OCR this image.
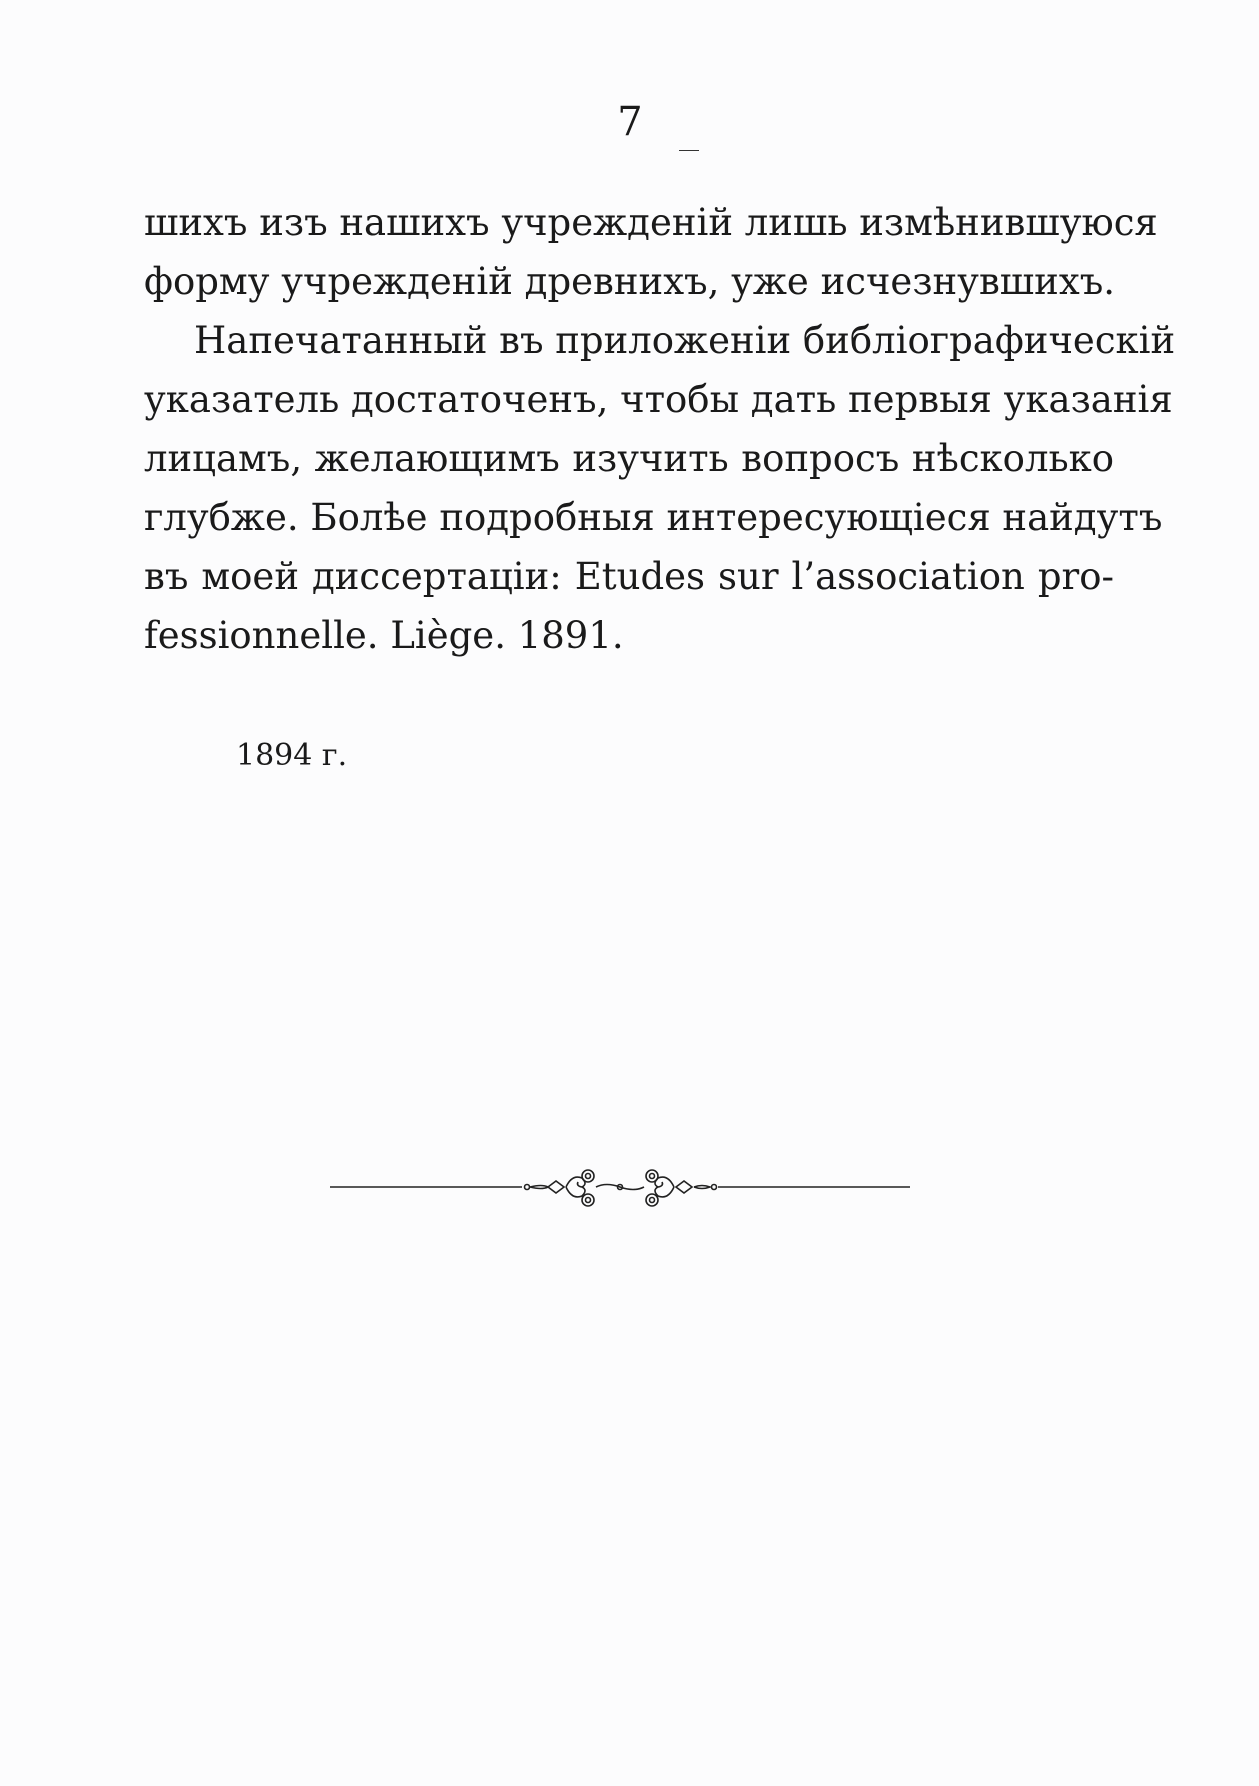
7
шихъ изъ нашихъ учрежденій лишь измѣнившуюся
форму учрежденій древнихъ, уже исчезнувшихъ.
Напечатанный въ приложеніи библіографическій
указатель достаточенъ, чтобы дать первыя указанія
лицамъ, желающимъ изучить вопросъ нѣсколько
глубже. Болѣе подробныя интересующіеся найдутъ
въ моей диссертаціи: Etudes sur l’association pro-
fessionnelle. Liège. 1891.
1894 г.
